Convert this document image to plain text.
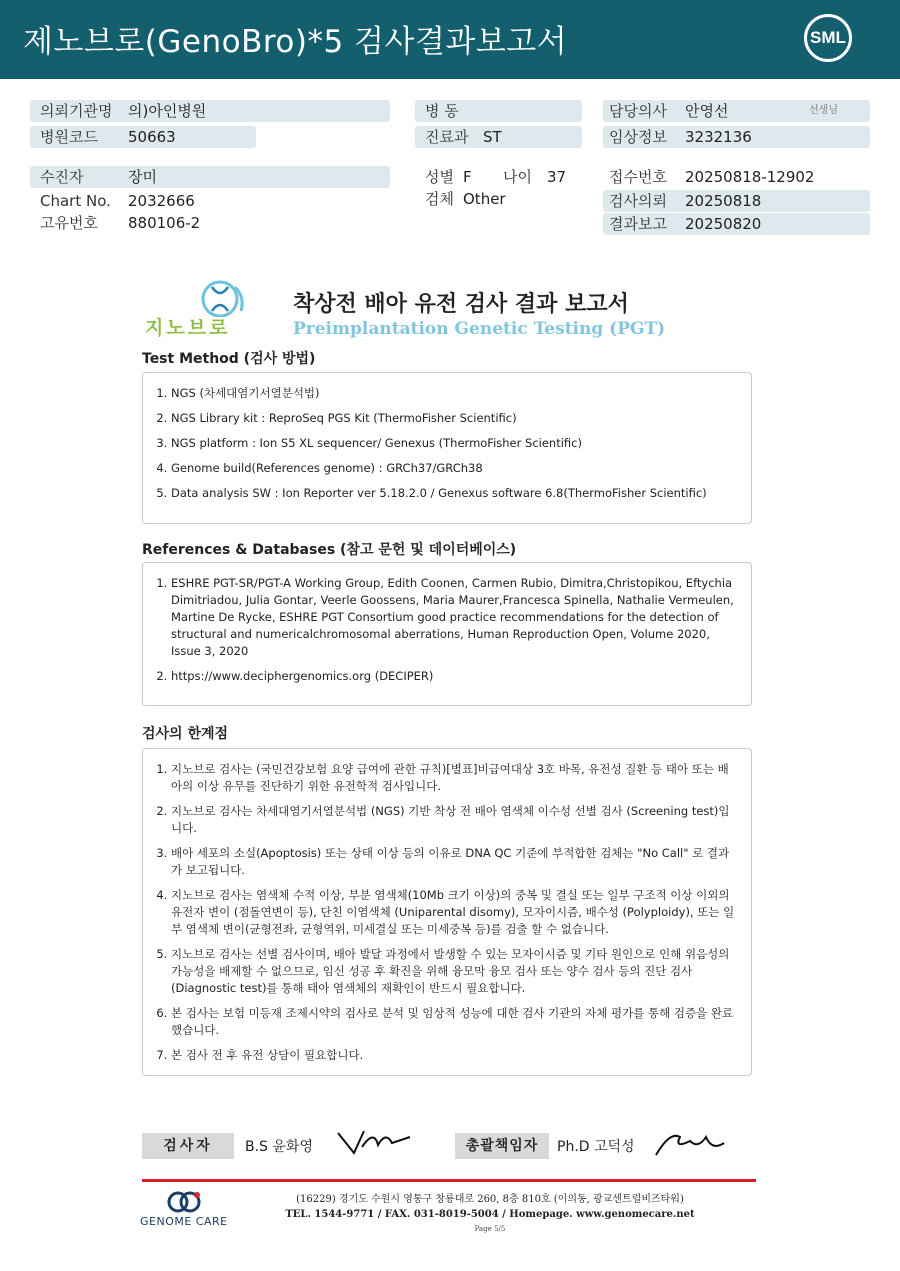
제노브로(GenoBro)*5 검사결과보고서	SML
의뢰기관명 의)아인병원
병원코드 50663
병 동
진료과 ST
담당의사 안영선	선생님
임상정보 3232136
수진자	장미
Chart No. 2032666
고유번호 880106-2
성별 F 나이 37
검체 Other
접수번호 20250818-12902
검사의뢰 20250818
결과보고 20250820
지노브로
착상전 배아 유전 검사 결과 보고서
Preimplantation Genetic Testing (PGT)
Test Method (검사 방법)
1. NGS (차세대염기서열분석법)
2. NGS Library kit : ReproSeq PGS Kit (ThermoFisher Scientific)
3. NGS platform : Ion S5 XL sequencer/ Genexus (ThermoFisher Scientific)
4. Genome build(References genome) : GRCh37/GRCh38
5. Data analysis SW : Ion Reporter ver 5.18.2.0 / Genexus software 6.8(ThermoFisher Scientific)
References & Databases (참고 문헌 및 데이터베이스)
1. ESHRE PGT-SR/PGT-A Working Group, Edith Coonen, Carmen Rubio, Dimitra,Christopikou, Eftychia Dimitriadou, Julia Gontar, Veerle Goossens, Maria Maurer,Francesca Spinella, Nathalie Vermeulen, Martine De Rycke, ESHRE PGT Consortium good practice recommendations for the detection of structural and numericalchromosomal aberrations, Human Reproduction Open, Volume 2020, Issue 3, 2020
2. https://www.deciphergenomics.org (DECIPER)
검사의 한계점
1. 지노브로 검사는 (국민건강보험 요양 급여에 관한 규칙)[별표]비급여대상 3호 바목, 유전성 질환 등 태아 또는 배아의 이상 유무를 진단하기 위한 유전학적 검사입니다.
2. 지노브로 검사는 차세대염기서열분석법 (NGS) 기반 착상 전 배아 염색체 이수성 선별 검사 (Screening test)입니다.
3. 배아 세포의 소실(Apoptosis) 또는 상태 이상 등의 이유로 DNA QC 기준에 부적합한 검체는 "No Call" 로 결과가 보고됩니다.
4. 지노브로 검사는 염색체 수적 이상, 부분 염색체(10Mb 크기 이상)의 중복 및 결실 또는 일부 구조적 이상 이외의 유전자 변이 (점돌연변이 등), 단친 이염색체 (Uniparental disomy), 모자이시즘, 배수성 (Polyploidy), 또는 일부 염색체 변이(균형전좌, 균형역위, 미세결실 또는 미세중복 등)를 검출 할 수 없습니다.
5. 지노브로 검사는 선별 검사이며, 배아 발달 과정에서 발생할 수 있는 모자이시즘 및 기타 원인으로 인해 위음성의 가능성을 배제할 수 없으므로, 임신 성공 후 확진을 위해 융모막 융모 검사 또는 양수 검사 등의 진단 검사 (Diagnostic test)를 통해 태아 염색체의 재확인이 반드시 필요합니다.
6. 본 검사는 보험 미등재 조제시약의 검사로 분석 및 임상적 성능에 대한 검사 기관의 자체 평가를 통해 검증을 완료했습니다.
7. 본 검사 전 후 유전 상담이 필요합니다.
검사자	B.S 윤화영	총괄책임자	Ph.D 고덕성
GENOME CARE
(16229) 경기도 수원시 영통구 창룡대로 260, 8층 810호 (이의동, 광교센트럴비즈타워)
TEL. 1544-9771 / FAX. 031-8019-5004 / Homepage. www.genomecare.net
Page 5/5
